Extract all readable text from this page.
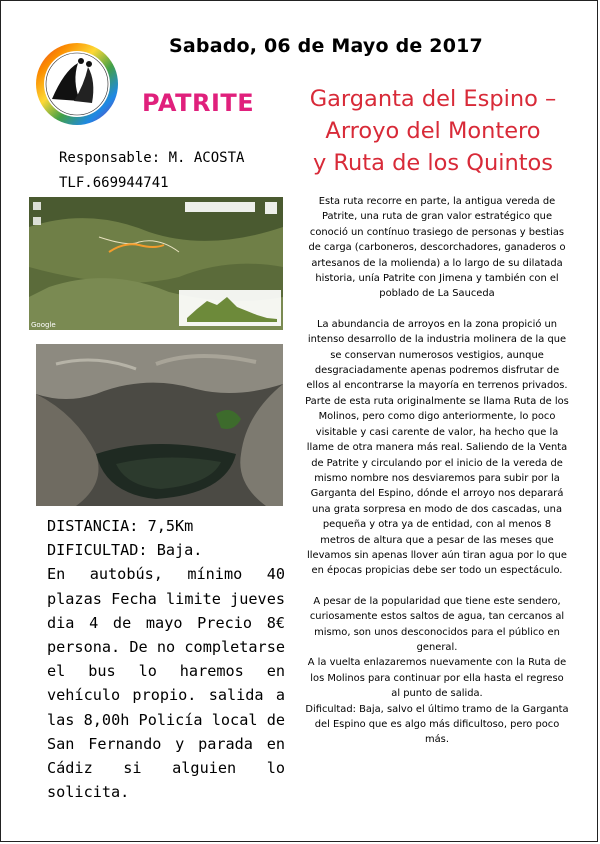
Sabado, 06 de Mayo de 2017
PATRITE	Garganta del Espino –
Arroyo del Montero
y Ruta de los Quintos
Responsable: M. ACOSTA
TLF.669944741
Google

DISTANCIA: 7,5Km

DIFICULTAD: Baja.

En autobús, mínimo 40 plazas Fecha limite jueves dia 4 de mayo Precio 8€ persona. De no completarse el bus lo haremos en vehículo propio. salida a las 8,00h Policía local de San Fernando y parada en Cádiz si alguien lo solicita.

Esta ruta recorre en parte, la antigua vereda de Patrite, una ruta de gran valor estratégico que conoció un contínuo trasiego de personas y bestias de carga (carboneros, descorchadores, ganaderos o artesanos de la molienda) a lo largo de su dilatada historia, unía Patrite con Jimena y también con el poblado de La Sauceda

La abundancia de arroyos en la zona propició un intenso desarrollo de la industria molinera de la que se conservan numerosos vestigios, aunque desgraciadamente apenas podremos disfrutar de ellos al encontrarse la mayoría en terrenos privados. Parte de esta ruta originalmente se llama Ruta de los Molinos, pero como digo anteriormente, lo poco visitable y casi carente de valor, ha hecho que la llame de otra manera más real. Saliendo de la Venta de Patrite y circulando por el inicio de la vereda de mismo nombre nos desviaremos para subir por la Garganta del Espino, dónde el arroyo nos deparará una grata sorpresa en modo de dos cascadas, una pequeña y otra ya de entidad, con al menos 8 metros de altura que a pesar de las meses que llevamos sin apenas llover aún tiran agua por lo que en épocas propicias debe ser todo un espectáculo.

A pesar de la popularidad que tiene este sendero, curiosamente estos saltos de agua, tan cercanos al mismo, son unos desconocidos para el público en general.

A la vuelta enlazaremos nuevamente con la Ruta de los Molinos para continuar por ella hasta el regreso al punto de salida.

Dificultad: Baja, salvo el último tramo de la Garganta del Espino que es algo más dificultoso, pero poco más.
